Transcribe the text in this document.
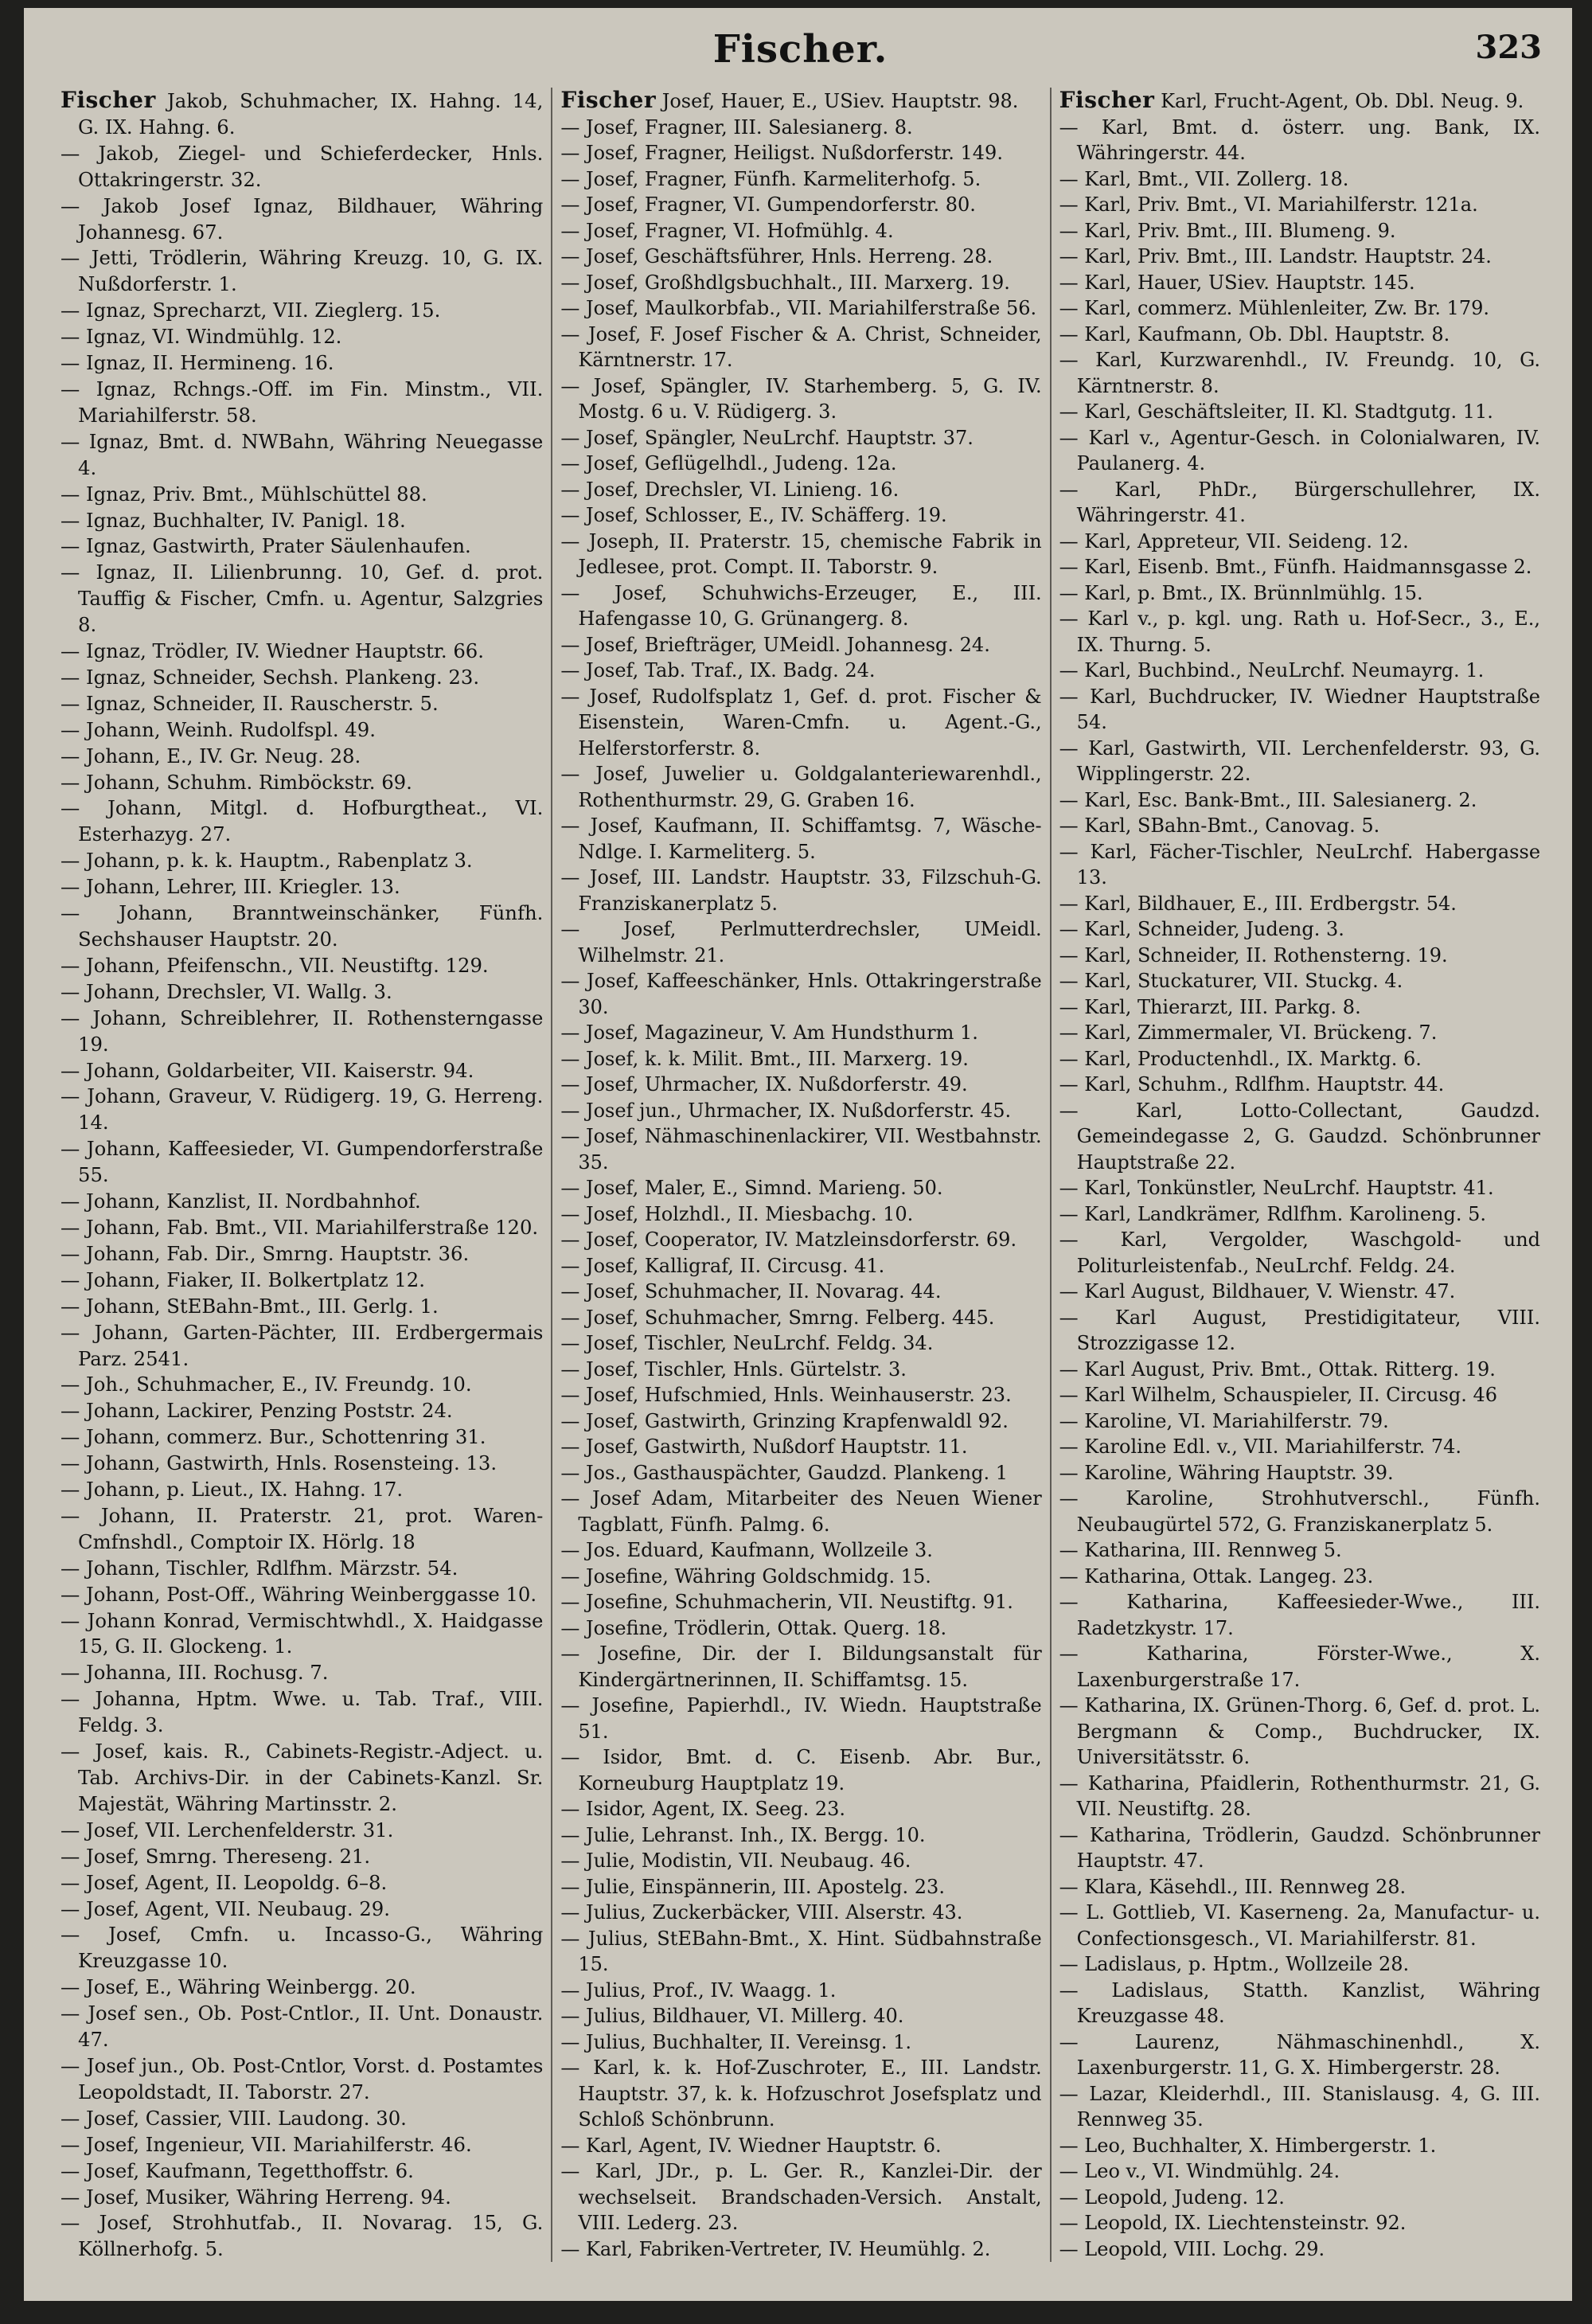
Fischer.	323

Fischer Jakob, Schuhmacher, IX. Hahng. 14, G. IX. Hahng. 6.

— Jakob, Ziegel- und Schieferdecker, Hnls. Ottakringerstr. 32.

— Jakob Josef Ignaz, Bildhauer, Währing Johannesg. 67.

— Jetti, Trödlerin, Währing Kreuzg. 10, G. IX. Nußdorferstr. 1.

— Ignaz, Sprecharzt, VII. Zieglerg. 15.

— Ignaz, VI. Windmühlg. 12.

— Ignaz, II. Hermineng. 16.

— Ignaz, Rchngs.-Off. im Fin. Minstm., VII. Mariahilferstr. 58.

— Ignaz, Bmt. d. NWBahn, Währing Neuegasse 4.

— Ignaz, Priv. Bmt., Mühlschüttel 88.

— Ignaz, Buchhalter, IV. Panigl. 18.

— Ignaz, Gastwirth, Prater Säulenhaufen.

— Ignaz, II. Lilienbrunng. 10, Gef. d. prot. Tauffig & Fischer, Cmfn. u. Agentur, Salzgries 8.

— Ignaz, Trödler, IV. Wiedner Hauptstr. 66.

— Ignaz, Schneider, Sechsh. Plankeng. 23.

— Ignaz, Schneider, II. Rauscherstr. 5.

— Johann, Weinh. Rudolfspl. 49.

— Johann, E., IV. Gr. Neug. 28.

— Johann, Schuhm. Rimböckstr. 69.

— Johann, Mitgl. d. Hofburgtheat., VI. Esterhazyg. 27.

— Johann, p. k. k. Hauptm., Rabenplatz 3.

— Johann, Lehrer, III. Kriegler. 13.

— Johann, Branntweinschänker, Fünfh. Sechshauser Hauptstr. 20.

— Johann, Pfeifenschn., VII. Neustiftg. 129.

— Johann, Drechsler, VI. Wallg. 3.

— Johann, Schreiblehrer, II. Rothensterngasse 19.

— Johann, Goldarbeiter, VII. Kaiserstr. 94.

— Johann, Graveur, V. Rüdigerg. 19, G. Herreng. 14.

— Johann, Kaffeesieder, VI. Gumpendorferstraße 55.

— Johann, Kanzlist, II. Nordbahnhof.

— Johann, Fab. Bmt., VII. Mariahilferstraße 120.

— Johann, Fab. Dir., Smrng. Hauptstr. 36.

— Johann, Fiaker, II. Bolkertplatz 12.

— Johann, StEBahn-Bmt., III. Gerlg. 1.

— Johann, Garten-Pächter, III. Erdbergermais Parz. 2541.

— Joh., Schuhmacher, E., IV. Freundg. 10.

— Johann, Lackirer, Penzing Poststr. 24.

— Johann, commerz. Bur., Schottenring 31.

— Johann, Gastwirth, Hnls. Rosensteing. 13.

— Johann, p. Lieut., IX. Hahng. 17.

— Johann, II. Praterstr. 21, prot. Waren-Cmfnshdl., Comptoir IX. Hörlg. 18

— Johann, Tischler, Rdlfhm. Märzstr. 54.

— Johann, Post-Off., Währing Weinberggasse 10.

— Johann Konrad, Vermischtwhdl., X. Haidgasse 15, G. II. Glockeng. 1.

— Johanna, III. Rochusg. 7.

— Johanna, Hptm. Wwe. u. Tab. Traf., VIII. Feldg. 3.

— Josef, kais. R., Cabinets-Registr.-Adject. u. Tab. Archivs-Dir. in der Cabinets-Kanzl. Sr. Majestät, Währing Martinsstr. 2.

— Josef, VII. Lerchenfelderstr. 31.

— Josef, Smrng. Thereseng. 21.

— Josef, Agent, II. Leopoldg. 6–8.

— Josef, Agent, VII. Neubaug. 29.

— Josef, Cmfn. u. Incasso-G., Währing Kreuzgasse 10.

— Josef, E., Währing Weinbergg. 20.

— Josef sen., Ob. Post-Cntlor., II. Unt. Donaustr. 47.

— Josef jun., Ob. Post-Cntlor, Vorst. d. Postamtes Leopoldstadt, II. Taborstr. 27.

— Josef, Cassier, VIII. Laudong. 30.

— Josef, Ingenieur, VII. Mariahilferstr. 46.

— Josef, Kaufmann, Tegetthoffstr. 6.

— Josef, Musiker, Währing Herreng. 94.

— Josef, Strohhutfab., II. Novarag. 15, G. Köllnerhofg. 5.

Fischer Josef, Hauer, E., USiev. Hauptstr. 98.

— Josef, Fragner, III. Salesianerg. 8.

— Josef, Fragner, Heiligst. Nußdorferstr. 149.

— Josef, Fragner, Fünfh. Karmeliterhofg. 5.

— Josef, Fragner, VI. Gumpendorferstr. 80.

— Josef, Fragner, VI. Hofmühlg. 4.

— Josef, Geschäftsführer, Hnls. Herreng. 28.

— Josef, Großhdlgsbuchhalt., III. Marxerg. 19.

— Josef, Maulkorbfab., VII. Mariahilferstraße 56.

— Josef, F. Josef Fischer & A. Christ, Schneider, Kärntnerstr. 17.

— Josef, Spängler, IV. Starhemberg. 5, G. IV. Mostg. 6 u. V. Rüdigerg. 3.

— Josef, Spängler, NeuLrchf. Hauptstr. 37.

— Josef, Geflügelhdl., Judeng. 12a.

— Josef, Drechsler, VI. Linieng. 16.

— Josef, Schlosser, E., IV. Schäfferg. 19.

— Joseph, II. Praterstr. 15, chemische Fabrik in Jedlesee, prot. Compt. II. Taborstr. 9.

— Josef, Schuhwichs-Erzeuger, E., III. Hafengasse 10, G. Grünangerg. 8.

— Josef, Briefträger, UMeidl. Johannesg. 24.

— Josef, Tab. Traf., IX. Badg. 24.

— Josef, Rudolfsplatz 1, Gef. d. prot. Fischer & Eisenstein, Waren-Cmfn. u. Agent.-G., Helferstorferstr. 8.

— Josef, Juwelier u. Goldgalanteriewarenhdl., Rothenthurmstr. 29, G. Graben 16.

— Josef, Kaufmann, II. Schiffamtsg. 7, Wäsche-Ndlge. I. Karmeliterg. 5.

— Josef, III. Landstr. Hauptstr. 33, Filzschuh-G. Franziskanerplatz 5.

— Josef, Perlmutterdrechsler, UMeidl. Wilhelmstr. 21.

— Josef, Kaffeeschänker, Hnls. Ottakringerstraße 30.

— Josef, Magazineur, V. Am Hundsthurm 1.

— Josef, k. k. Milit. Bmt., III. Marxerg. 19.

— Josef, Uhrmacher, IX. Nußdorferstr. 49.

— Josef jun., Uhrmacher, IX. Nußdorferstr. 45.

— Josef, Nähmaschinenlackirer, VII. Westbahnstr. 35.

— Josef, Maler, E., Simnd. Marieng. 50.

— Josef, Holzhdl., II. Miesbachg. 10.

— Josef, Cooperator, IV. Matzleinsdorferstr. 69.

— Josef, Kalligraf, II. Circusg. 41.

— Josef, Schuhmacher, II. Novarag. 44.

— Josef, Schuhmacher, Smrng. Felberg. 445.

— Josef, Tischler, NeuLrchf. Feldg. 34.

— Josef, Tischler, Hnls. Gürtelstr. 3.

— Josef, Hufschmied, Hnls. Weinhauserstr. 23.

— Josef, Gastwirth, Grinzing Krapfenwaldl 92.

— Josef, Gastwirth, Nußdorf Hauptstr. 11.

— Jos., Gasthauspächter, Gaudzd. Plankeng. 1

— Josef Adam, Mitarbeiter des Neuen Wiener Tagblatt, Fünfh. Palmg. 6.

— Jos. Eduard, Kaufmann, Wollzeile 3.

— Josefine, Währing Goldschmidg. 15.

— Josefine, Schuhmacherin, VII. Neustiftg. 91.

— Josefine, Trödlerin, Ottak. Querg. 18.

— Josefine, Dir. der I. Bildungsanstalt für Kindergärtnerinnen, II. Schiffamtsg. 15.

— Josefine, Papierhdl., IV. Wiedn. Hauptstraße 51.

— Isidor, Bmt. d. C. Eisenb. Abr. Bur., Korneuburg Hauptplatz 19.

— Isidor, Agent, IX. Seeg. 23.

— Julie, Lehranst. Inh., IX. Bergg. 10.

— Julie, Modistin, VII. Neubaug. 46.

— Julie, Einspännerin, III. Apostelg. 23.

— Julius, Zuckerbäcker, VIII. Alserstr. 43.

— Julius, StEBahn-Bmt., X. Hint. Südbahnstraße 15.

— Julius, Prof., IV. Waagg. 1.

— Julius, Bildhauer, VI. Millerg. 40.

— Julius, Buchhalter, II. Vereinsg. 1.

— Karl, k. k. Hof-Zuschroter, E., III. Landstr. Hauptstr. 37, k. k. Hofzuschrot Josefsplatz und Schloß Schönbrunn.

— Karl, Agent, IV. Wiedner Hauptstr. 6.

— Karl, JDr., p. L. Ger. R., Kanzlei-Dir. der wechselseit. Brandschaden-Versich. Anstalt, VIII. Lederg. 23.

— Karl, Fabriken-Vertreter, IV. Heumühlg. 2.

Fischer Karl, Frucht-Agent, Ob. Dbl. Neug. 9.

— Karl, Bmt. d. österr. ung. Bank, IX. Währingerstr. 44.

— Karl, Bmt., VII. Zollerg. 18.

— Karl, Priv. Bmt., VI. Mariahilferstr. 121a.

— Karl, Priv. Bmt., III. Blumeng. 9.

— Karl, Priv. Bmt., III. Landstr. Hauptstr. 24.

— Karl, Hauer, USiev. Hauptstr. 145.

— Karl, commerz. Mühlenleiter, Zw. Br. 179.

— Karl, Kaufmann, Ob. Dbl. Hauptstr. 8.

— Karl, Kurzwarenhdl., IV. Freundg. 10, G. Kärntnerstr. 8.

— Karl, Geschäftsleiter, II. Kl. Stadtgutg. 11.

— Karl v., Agentur-Gesch. in Colonialwaren, IV. Paulanerg. 4.

— Karl, PhDr., Bürgerschullehrer, IX. Währingerstr. 41.

— Karl, Appreteur, VII. Seideng. 12.

— Karl, Eisenb. Bmt., Fünfh. Haidmannsgasse 2.

— Karl, p. Bmt., IX. Brünnlmühlg. 15.

— Karl v., p. kgl. ung. Rath u. Hof-Secr., 3., E., IX. Thurng. 5.

— Karl, Buchbind., NeuLrchf. Neumayrg. 1.

— Karl, Buchdrucker, IV. Wiedner Hauptstraße 54.

— Karl, Gastwirth, VII. Lerchenfelderstr. 93, G. Wipplingerstr. 22.

— Karl, Esc. Bank-Bmt., III. Salesianerg. 2.

— Karl, SBahn-Bmt., Canovag. 5.

— Karl, Fächer-Tischler, NeuLrchf. Habergasse 13.

— Karl, Bildhauer, E., III. Erdbergstr. 54.

— Karl, Schneider, Judeng. 3.

— Karl, Schneider, II. Rothensterng. 19.

— Karl, Stuckaturer, VII. Stuckg. 4.

— Karl, Thierarzt, III. Parkg. 8.

— Karl, Zimmermaler, VI. Brückeng. 7.

— Karl, Productenhdl., IX. Marktg. 6.

— Karl, Schuhm., Rdlfhm. Hauptstr. 44.

— Karl, Lotto-Collectant, Gaudzd. Gemeindegasse 2, G. Gaudzd. Schönbrunner Hauptstraße 22.

— Karl, Tonkünstler, NeuLrchf. Hauptstr. 41.

— Karl, Landkrämer, Rdlfhm. Karolineng. 5.

— Karl, Vergolder, Waschgold- und Politurleistenfab., NeuLrchf. Feldg. 24.

— Karl August, Bildhauer, V. Wienstr. 47.

— Karl August, Prestidigitateur, VIII. Strozzigasse 12.

— Karl August, Priv. Bmt., Ottak. Ritterg. 19.

— Karl Wilhelm, Schauspieler, II. Circusg. 46

— Karoline, VI. Mariahilferstr. 79.

— Karoline Edl. v., VII. Mariahilferstr. 74.

— Karoline, Währing Hauptstr. 39.

— Karoline, Strohhutverschl., Fünfh. Neubaugürtel 572, G. Franziskanerplatz 5.

— Katharina, III. Rennweg 5.

— Katharina, Ottak. Langeg. 23.

— Katharina, Kaffeesieder-Wwe., III. Radetzkystr. 17.

— Katharina, Förster-Wwe., X. Laxenburgerstraße 17.

— Katharina, IX. Grünen-Thorg. 6, Gef. d. prot. L. Bergmann & Comp., Buchdrucker, IX. Universitätsstr. 6.

— Katharina, Pfaidlerin, Rothenthurmstr. 21, G. VII. Neustiftg. 28.

— Katharina, Trödlerin, Gaudzd. Schönbrunner Hauptstr. 47.

— Klara, Käsehdl., III. Rennweg 28.

— L. Gottlieb, VI. Kaserneng. 2a, Manufactur- u. Confectionsgesch., VI. Mariahilferstr. 81.

— Ladislaus, p. Hptm., Wollzeile 28.

— Ladislaus, Statth. Kanzlist, Währing Kreuzgasse 48.

— Laurenz, Nähmaschinenhdl., X. Laxenburgerstr. 11, G. X. Himbergerstr. 28.

— Lazar, Kleiderhdl., III. Stanislausg. 4, G. III. Rennweg 35.

— Leo, Buchhalter, X. Himbergerstr. 1.

— Leo v., VI. Windmühlg. 24.

— Leopold, Judeng. 12.

— Leopold, IX. Liechtensteinstr. 92.

— Leopold, VIII. Lochg. 29.
